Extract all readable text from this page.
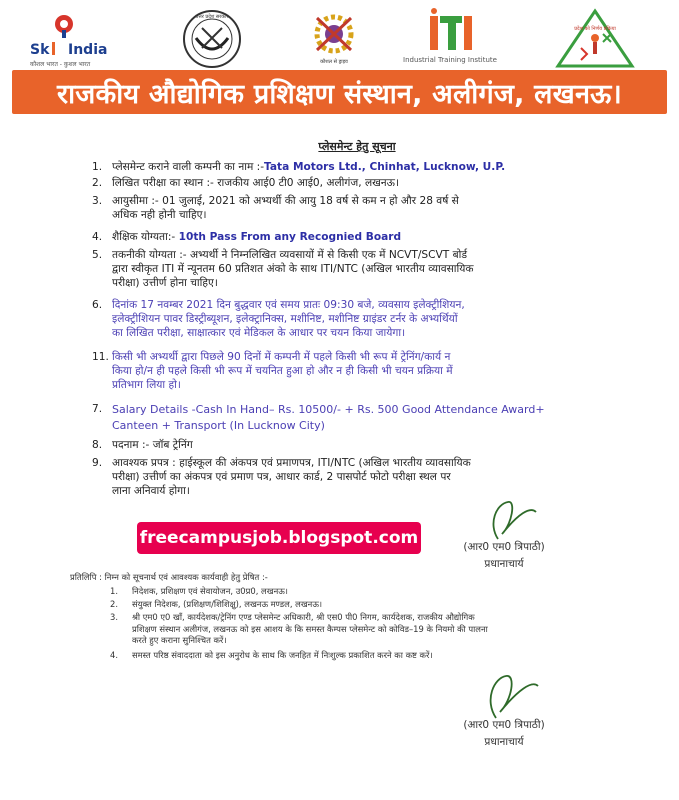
Sk India
कौशल भारत - कुशल भारत
उत्तर प्रदेश सरकार
कौशल से ड्राइव	Industrial Training Institute
प्रदेश को निर्णय प्रक्रिया
राजकीय औद्योगिक प्रशिक्षण संस्थान, अलीगंज, लखनऊ।
प्लेसमेन्ट हेतु सूचना
1. प्लेसमेन्ट कराने वाली कम्पनी का नाम :-Tata Motors Ltd., Chinhat, Lucknow, U.P.
2. लिखित परीक्षा का स्थान :- राजकीय आई0 टी0 आई0, अलीगंज, लखनऊ।
3. आयुसीमा :- 01 जुलाई, 2021 को अभ्यर्थी की आयु 18 वर्ष से कम न हो और 28 वर्ष से
अधिक नही होनी चाहिए।
4. शैक्षिक योग्यता:- 10th Pass From any Recognied Board
5. तकनीकी योग्यता :- अभ्यर्थी ने निम्नलिखित व्यवसायों में से किसी एक में NCVT/SCVT बोर्ड
द्वारा स्वीकृत ITI में न्यूनतम 60 प्रतिशत अंको के साथ ITI/NTC (अखिल भारतीय व्यावसायिक
परीक्षा) उत्तीर्ण होना चाहिए।
6. दिनांक 17 नवम्बर 2021 दिन बुद्धवार एवं समय प्रातः 09:30 बजे, व्यवसाय इलेक्ट्रीशियन,
इलेक्ट्रीशियन पावर डिस्ट्रीब्यूशन, इलेक्ट्रानिक्स, मशीनिष्ट, मशीनिष्ट ग्राइंडर टर्नर के अभ्यर्थियों
का लिखित परीक्षा, साक्षात्कार एवं मेडिकल के आधार पर चयन किया जायेगा।
11. किसी भी अभ्यर्थी द्वारा पिछले 90 दिनों में कम्पनी में पहले किसी भी रूप में ट्रेनिंग/कार्य न
किया हो/न ही पहले किसी भी रूप में चयनित हुआ हो और न ही किसी भी चयन प्रक्रिया में
प्रतिभाग लिया हो।
7. Salary Details -Cash In Hand– Rs. 10500/- + Rs. 500 Good Attendance Award+
Canteen + Transport (In Lucknow City)
8. पदनाम :- जॉब ट्रेनिंग
9. आवश्यक प्रपत्र : हाईस्कूल की अंकपत्र एवं प्रमाणपत्र, ITI/NTC (अखिल भारतीय व्यावसायिक
परीक्षा) उत्तीर्ण का अंकपत्र एवं प्रमाण पत्र, आधार कार्ड, 2 पासपोर्ट फोटो परीक्षा स्थल पर
लाना अनिवार्य होगा।
(आर0 एम0 त्रिपाठी)
प्रधानाचार्य
freecampusjob.blogspot.com
प्रतिलिपि : निम्न को सूचनार्थ एवं आवश्यक कार्यवाही हेतु प्रेषित :-
1.	निदेशक, प्रशिक्षण एवं सेवायोजन, उ0प्र0, लखनऊ।
2.	संयुक्त निदेशक, (प्रशिक्षण/शिशिक्षु), लखनऊ मण्डल, लखनऊ।
3.	श्री एम0 ए0 खाँ, कार्यदेशक/ट्रेनिंग एण्ड प्लेसमेन्ट अधिकारी, श्री एस0 पी0 निगम, कार्यदेशक, राजकीय औद्योगिक
प्रशिक्षण संस्थान अलीगंज, लखनऊ को इस आशय के कि समस्त कैम्पस प्लेसमेन्ट को कोविड–19 के नियमो की पालना
करते हुए कराना सुनिश्चित करें।
4.	समस्त परिष्ठ संवाददाता को इस अनुरोध के साथ कि जनहित में निःशुल्क प्रकाशित करने का कष्ट करें।
(आर0 एम0 त्रिपाठी)
प्रधानाचार्य
